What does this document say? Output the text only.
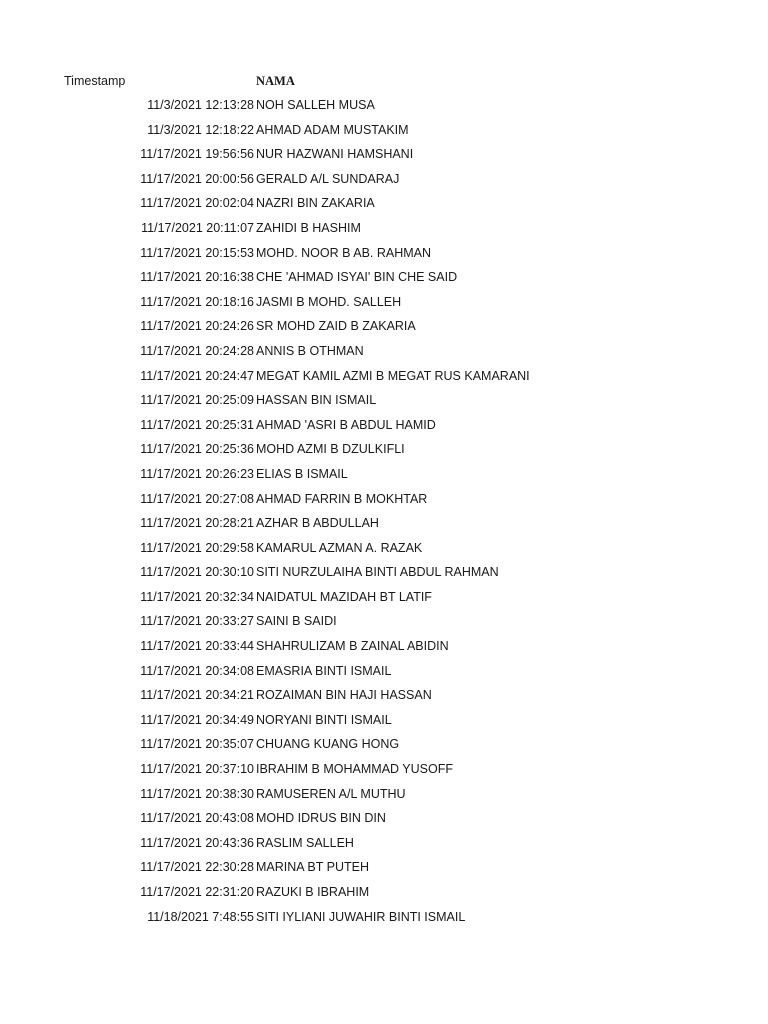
Timestamp	NAMA
11/3/2021 12:13:28 NOH SALLEH MUSA
11/3/2021 12:18:22 AHMAD ADAM MUSTAKIM
11/17/2021 19:56:56 NUR HAZWANI HAMSHANI
11/17/2021 20:00:56 GERALD A/L SUNDARAJ
11/17/2021 20:02:04 NAZRI BIN ZAKARIA
11/17/2021 20:11:07 ZAHIDI B HASHIM
11/17/2021 20:15:53 MOHD. NOOR B AB. RAHMAN
11/17/2021 20:16:38 CHE 'AHMAD ISYAI' BIN CHE SAID
11/17/2021 20:18:16 JASMI B MOHD. SALLEH
11/17/2021 20:24:26 SR MOHD ZAID B ZAKARIA
11/17/2021 20:24:28 ANNIS B OTHMAN
11/17/2021 20:24:47 MEGAT KAMIL AZMI B MEGAT RUS KAMARANI
11/17/2021 20:25:09 HASSAN BIN ISMAIL
11/17/2021 20:25:31 AHMAD 'ASRI B ABDUL HAMID
11/17/2021 20:25:36 MOHD AZMI B DZULKIFLI
11/17/2021 20:26:23 ELIAS B ISMAIL
11/17/2021 20:27:08 AHMAD FARRIN B MOKHTAR
11/17/2021 20:28:21 AZHAR B ABDULLAH
11/17/2021 20:29:58 KAMARUL AZMAN A. RAZAK
11/17/2021 20:30:10 SITI NURZULAIHA BINTI ABDUL RAHMAN
11/17/2021 20:32:34 NAIDATUL MAZIDAH BT LATIF
11/17/2021 20:33:27 SAINI B SAIDI
11/17/2021 20:33:44 SHAHRULIZAM B ZAINAL ABIDIN
11/17/2021 20:34:08 EMASRIA BINTI ISMAIL
11/17/2021 20:34:21 ROZAIMAN BIN HAJI HASSAN
11/17/2021 20:34:49 NORYANI BINTI ISMAIL
11/17/2021 20:35:07 CHUANG KUANG HONG
11/17/2021 20:37:10 IBRAHIM B MOHAMMAD YUSOFF
11/17/2021 20:38:30 RAMUSEREN A/L MUTHU
11/17/2021 20:43:08 MOHD IDRUS BIN DIN
11/17/2021 20:43:36 RASLIM SALLEH
11/17/2021 22:30:28 MARINA BT PUTEH
11/17/2021 22:31:20 RAZUKI B IBRAHIM
11/18/2021 7:48:55 SITI IYLIANI JUWAHIR BINTI ISMAIL
